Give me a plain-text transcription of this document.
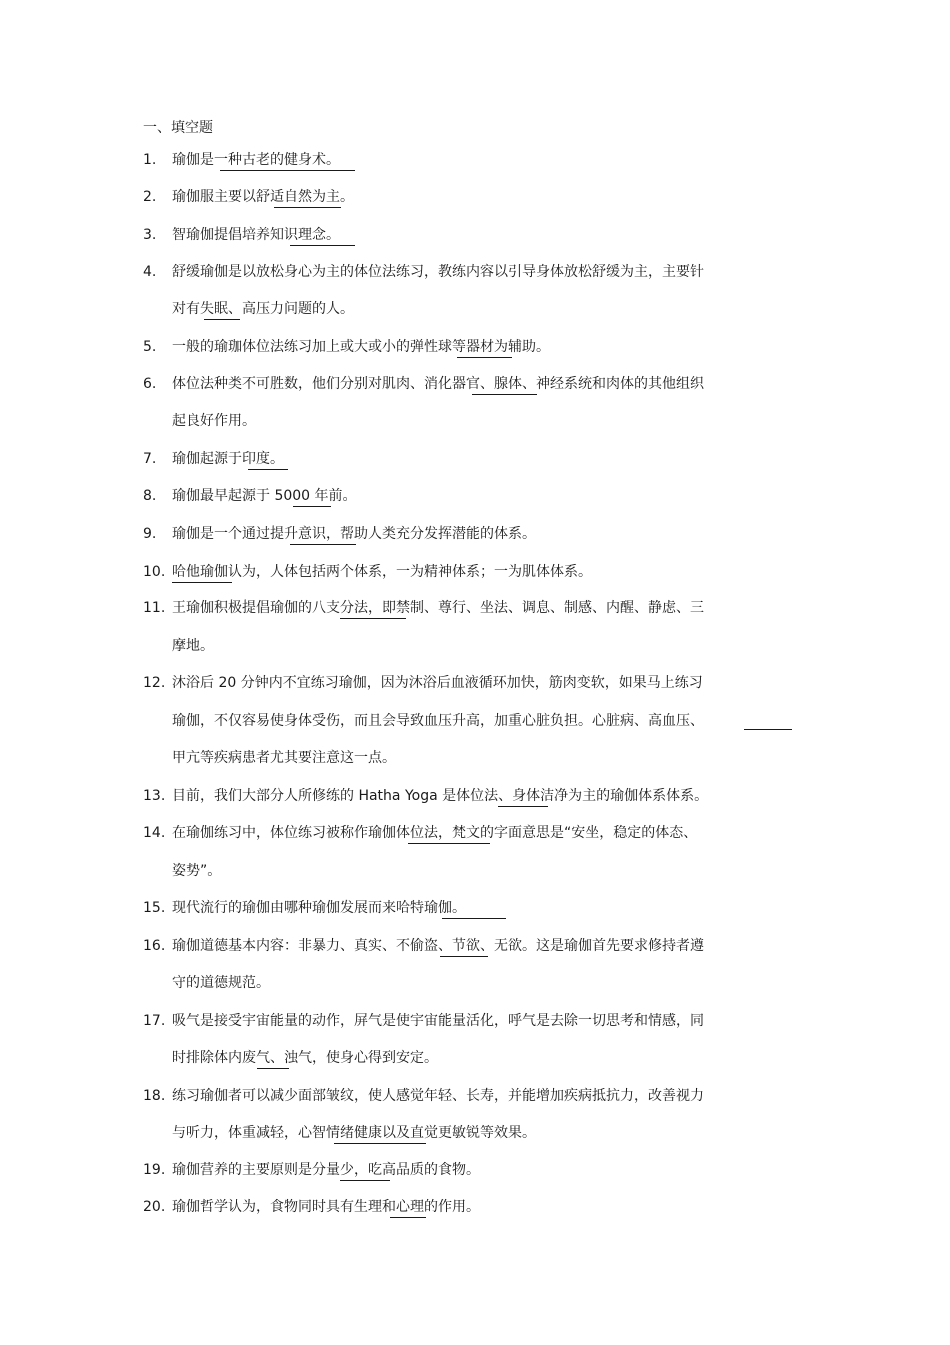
一、填空题
1.	瑜伽是一种古老的健身术。
2.	瑜伽服主要以舒适自然为主。
3.	智瑜伽提倡培养知识理念。
4.	舒缓瑜伽是以放松身心为主的体位法练习，教练内容以引导身体放松舒缓为主，主要针
对有失眠、高压力问题的人。
5.	一般的瑜珈体位法练习加上或大或小的弹性球等器材为辅助。
6.	体位法种类不可胜数，他们分别对肌肉、消化器官、腺体、神经系统和肉体的其他组织
起良好作用。
7.	瑜伽起源于印度。
8.	瑜伽最早起源于 5000 年前。
9.	瑜伽是一个通过提升意识，帮助人类充分发挥潜能的体系。
10. 哈他瑜伽认为，人体包括两个体系，一为精神体系；一为肌体体系。
11. 王瑜伽积极提倡瑜伽的八支分法，即禁制、尊行、坐法、调息、制感、内醒、静虑、三
摩地。
12. 沐浴后 20 分钟内不宜练习瑜伽，因为沐浴后血液循环加快，筋肉变软，如果马上练习
瑜伽，不仅容易使身体受伤，而且会导致血压升高，加重心脏负担。心脏病、高血压、
甲亢等疾病患者尤其要注意这一点。
13. 目前，我们大部分人所修练的 Hatha Yoga 是体位法、身体洁净为主的瑜伽体系体系。
14. 在瑜伽练习中，体位练习被称作瑜伽体位法，梵文的字面意思是“安坐，稳定的体态、
姿势”。
15. 现代流行的瑜伽由哪种瑜伽发展而来哈特瑜伽。
16. 瑜伽道德基本内容：非暴力、真实、不偷盗、节欲、无欲。这是瑜伽首先要求修持者遵
守的道德规范。
17. 吸气是接受宇宙能量的动作，屏气是使宇宙能量活化，呼气是去除一切思考和情感，同
时排除体内废气、浊气，使身心得到安定。
18. 练习瑜伽者可以减少面部皱纹，使人感觉年轻、长寿，并能增加疾病抵抗力，改善视力
与听力，体重减轻，心智情绪健康以及直觉更敏锐等效果。
19. 瑜伽营养的主要原则是分量少，吃高品质的食物。
20. 瑜伽哲学认为，食物同时具有生理和心理的作用。
